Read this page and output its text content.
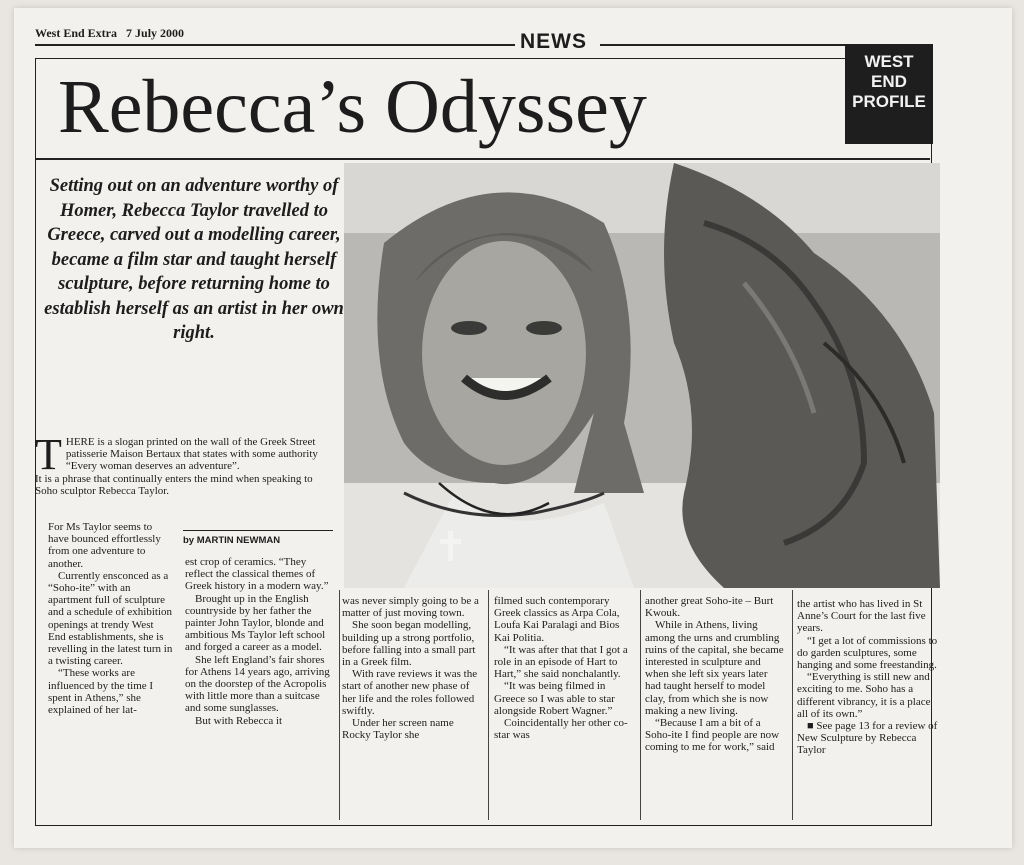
West End Extra 7 July 2000	NEWS
Rebecca’s Odyssey
WEST
END
PROFILE
Setting out on an adventure worthy of Homer, Rebecca Taylor travelled to Greece, carved out a modelling career, became a film star and taught herself sculpture, before returning home to establish herself as an artist in her own right.
THERE is a slogan printed on the wall of the Greek Street patisserie Maison Bertaux that states with some authority “Every woman deserves an adventure”.
It is a phrase that continually enters the mind when speaking to Soho sculptor Rebecca Taylor.
by MARTIN NEWMAN

For Ms Taylor seems to have bounced effortlessly from one adventure to another.

Currently ensconced as a “Soho-ite” with an apartment full of sculpture and a schedule of exhibition openings at trendy West End establishments, she is revelling in the latest turn in a twisting career.

“These works are influenced by the time I spent in Athens,” she explained of her lat-

est crop of ceramics. “They reflect the classical themes of Greek history in a modern way.”

Brought up in the English countryside by her father the painter John Taylor, blonde and ambitious Ms Taylor left school and forged a career as a model.

She left England’s fair shores for Athens 14 years ago, arriving on the doorstep of the Acropolis with little more than a suitcase and some sunglasses.

But with Rebecca it

was never simply going to be a matter of just moving town.

She soon began modelling, building up a strong portfolio, before falling into a small part in a Greek film.

With rave reviews it was the start of another new phase of her life and the roles followed swiftly.

Under her screen name Rocky Taylor she

filmed such contemporary Greek classics as Arpa Cola, Loufa Kai Paralagi and Bios Kai Politia.

“It was after that that I got a role in an episode of Hart to Hart,” she said nonchalantly.

“It was being filmed in Greece so I was able to star alongside Robert Wagner.”

Coincidentally her other co-star was

another great Soho-ite – Burt Kwouk.

While in Athens, living among the urns and crumbling ruins of the capital, she became interested in sculpture and when she left six years later had taught herself to model clay, from which she is now making a new living.

“Because I am a bit of a Soho-ite I find people are now coming to me for work,” said

the artist who has lived in St Anne’s Court for the last five years.

“I get a lot of commissions to do garden sculptures, some hanging and some freestanding.

“Everything is still new and exciting to me. Soho has a different vibrancy, it is a place all of its own.”

■ See page 13 for a review of New Sculpture by Rebecca Taylor
